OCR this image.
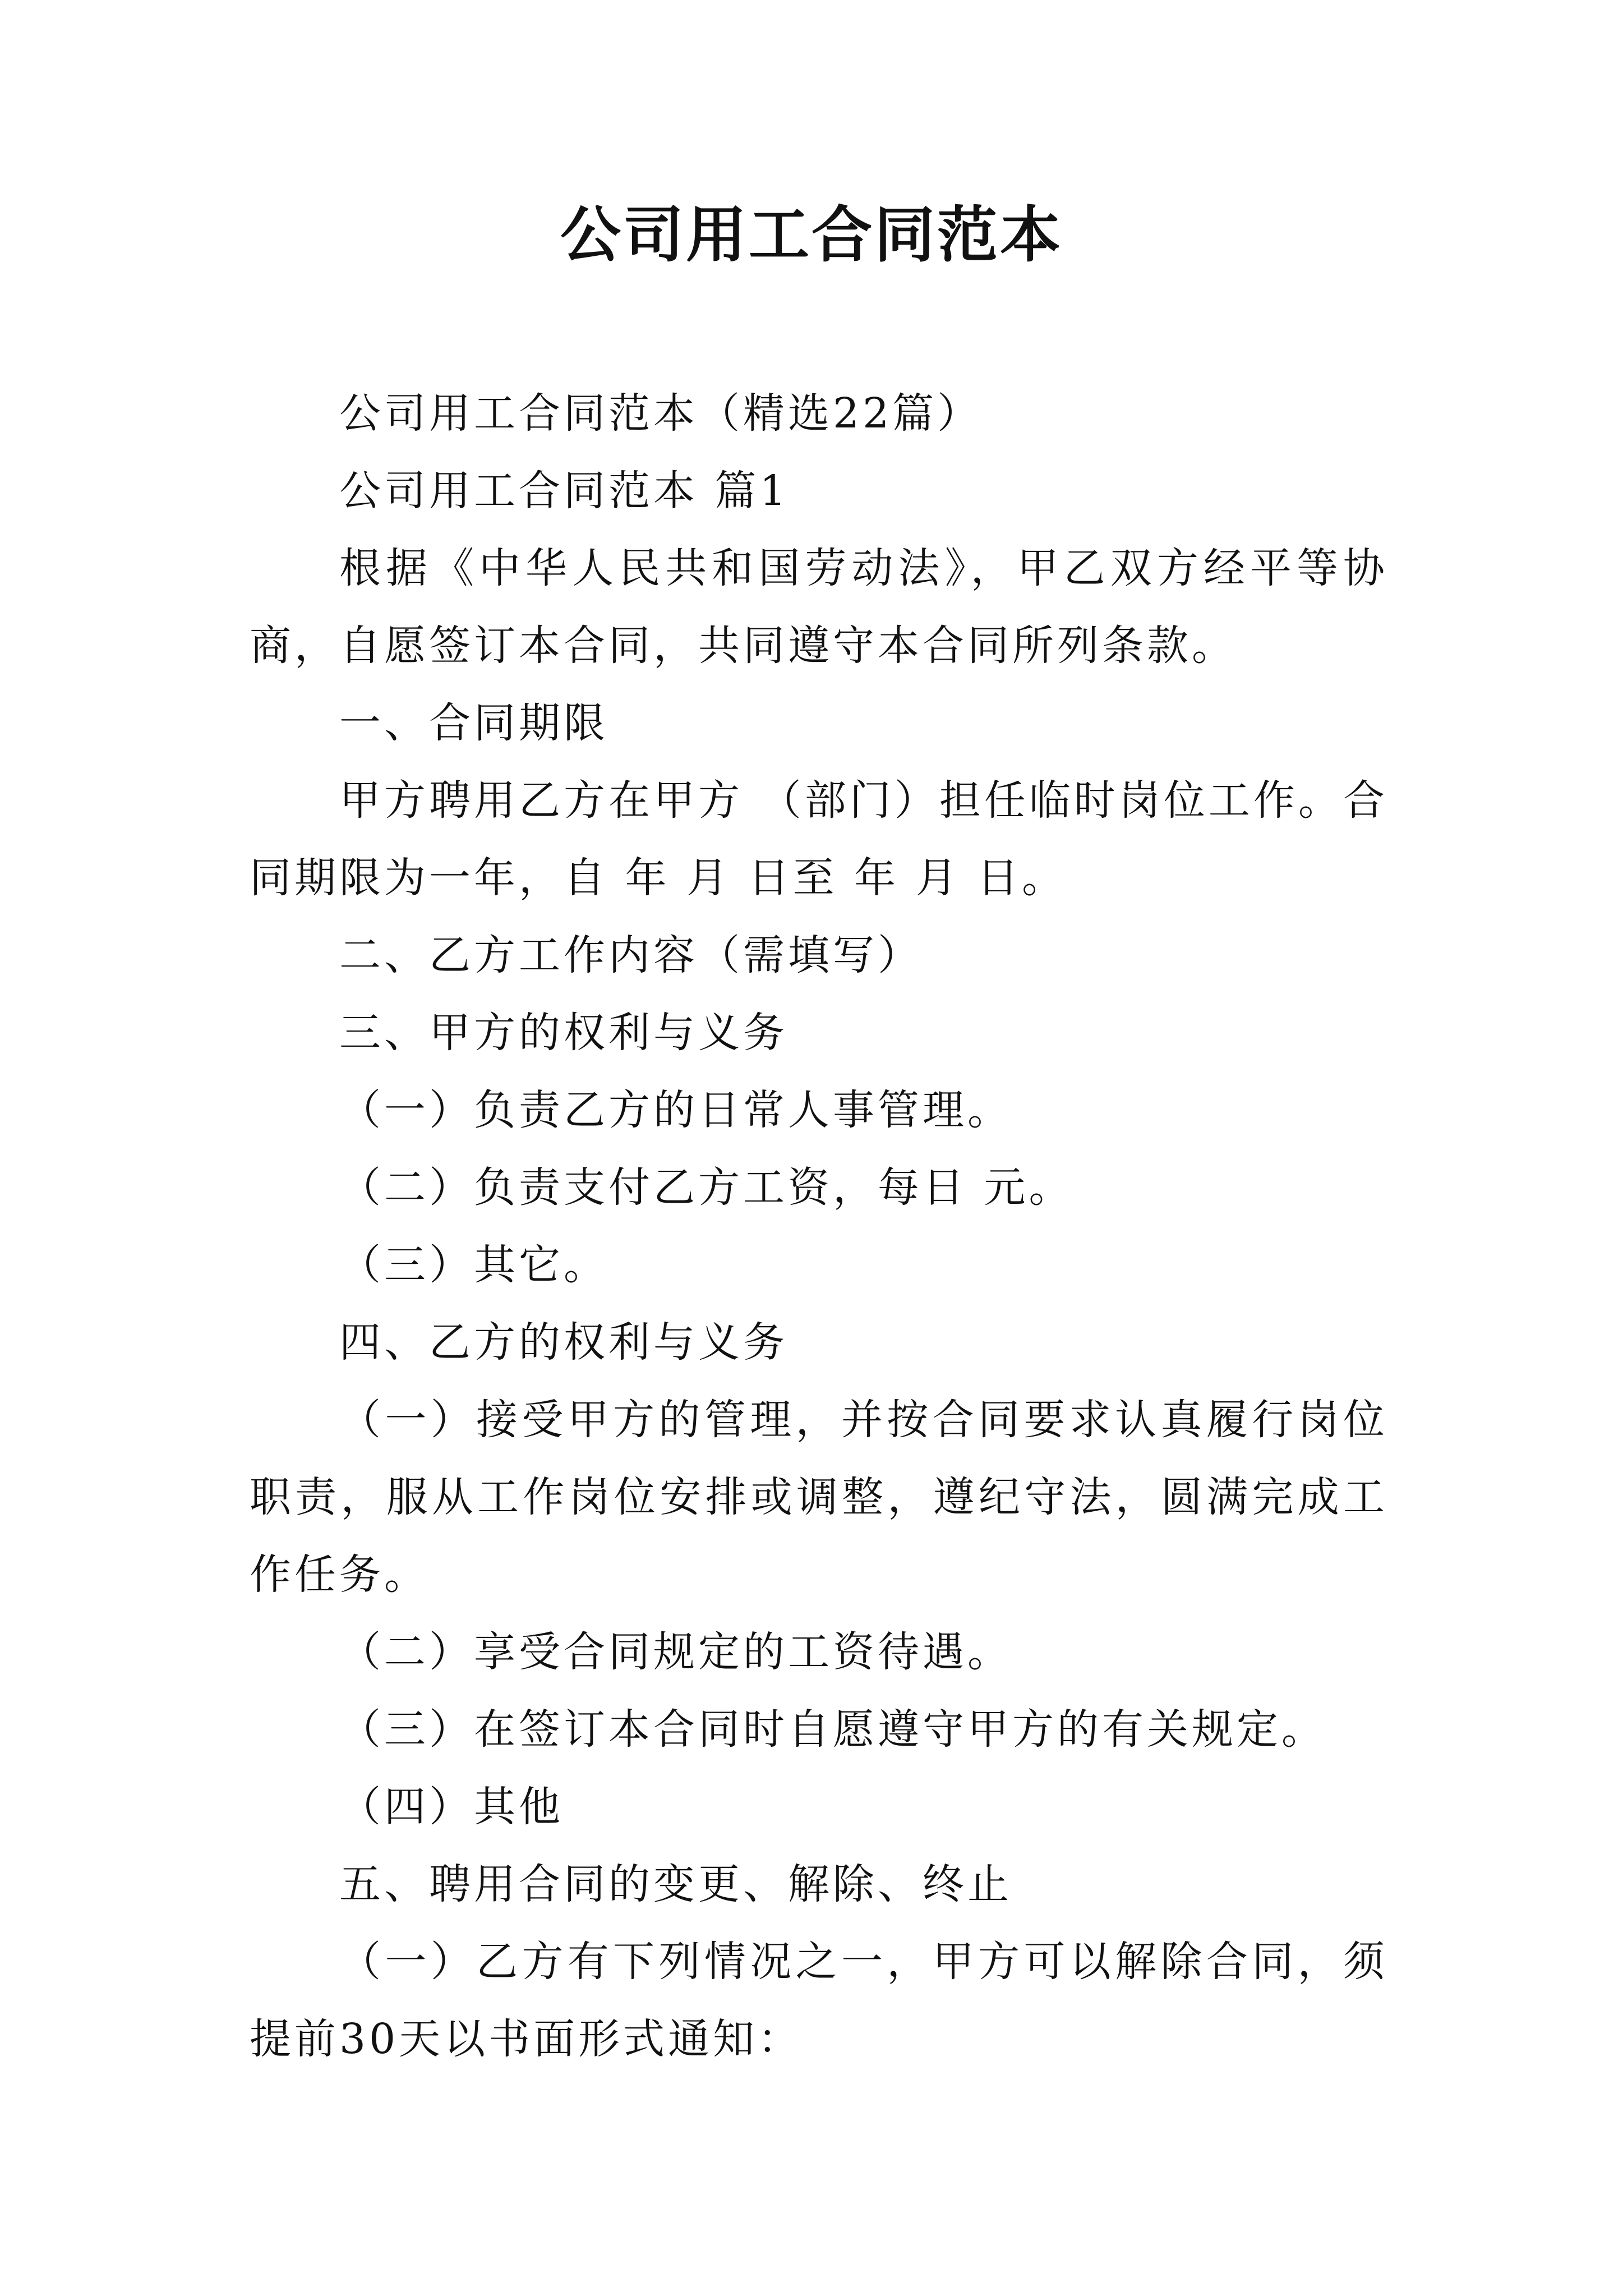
公司用工合同范本

公司用工合同范本（精选22篇）

公司用工合同范本 篇1

根据《中华人民共和国劳动法》，甲乙双方经平等协商，自愿签订本合同，共同遵守本合同所列条款。

一、合同期限

甲方聘用乙方在甲方 （部门）担任临时岗位工作。合同期限为一年，自 年 月 日至 年 月 日。

二、乙方工作内容（需填写）

三、甲方的权利与义务

（一）负责乙方的日常人事管理。

（二）负责支付乙方工资，每日 元。

（三）其它。

四、乙方的权利与义务

（一）接受甲方的管理，并按合同要求认真履行岗位职责，服从工作岗位安排或调整，遵纪守法，圆满完成工作任务。

（二）享受合同规定的工资待遇。

（三）在签订本合同时自愿遵守甲方的有关规定。

（四）其他

五、聘用合同的变更、解除、终止

（一）乙方有下列情况之一，甲方可以解除合同，须提前30天以书面形式通知：
